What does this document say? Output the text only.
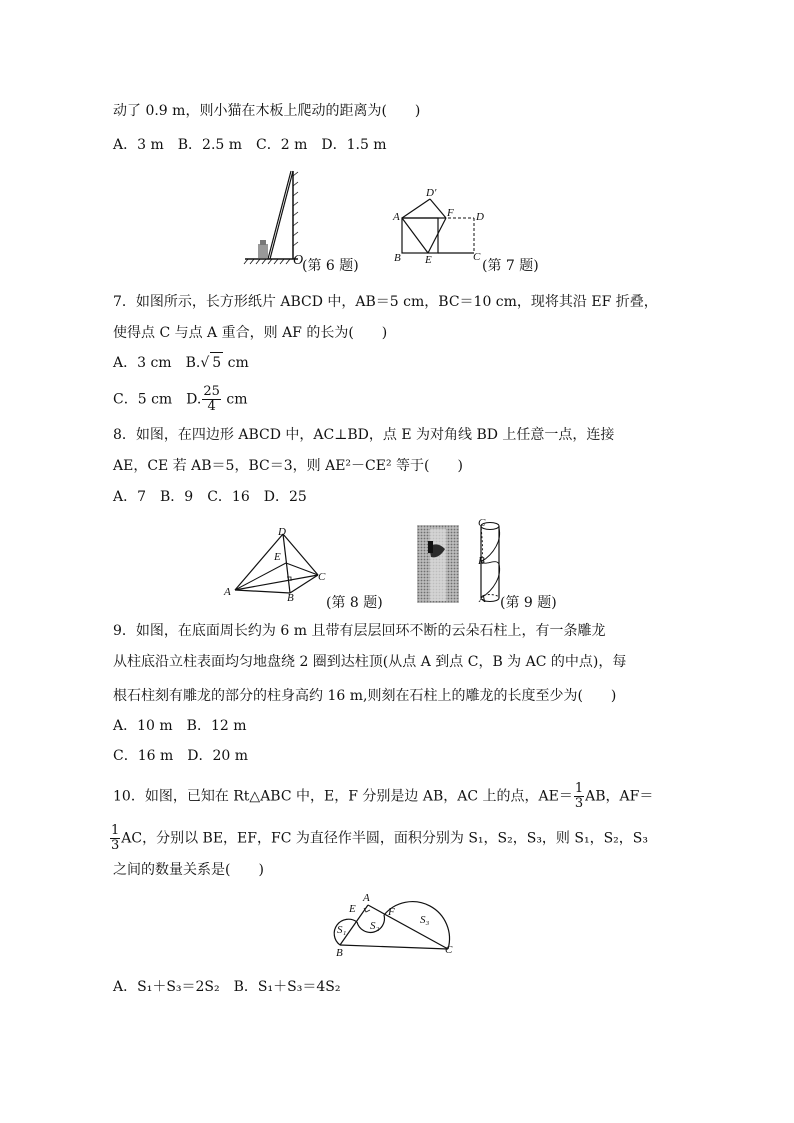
动了 0.9 m，则小猫在木板上爬动的距离为(　　)
A．3 m　B．2.5 m　C．2 m　D．1.5 m
O
(第 6 题)
D′
A	F D
B E	C
(第 7 题)
7．如图所示，长方形纸片 ABCD 中，AB＝5 cm，BC＝10 cm，现将其沿 EF 折叠，
使得点 C 与点 A 重合，则 AF 的长为(　　)
A．3 cm　B.√ 5 cm
C．5 cm　D. $\frac{25}{4}$ cm
8．如图，在四边形 ABCD 中，AC⊥BD，点 E 为对角线 BD 上任意一点，连接
AE，CE 若 AB＝5，BC＝3，则 AE²－CE² 等于(　　)
A．7　B．9　C．16　D．25
D
E
A	B
C
(第 8 题)
C
B
A (第 9 题)
9．如图，在底面周长约为 6 m 且带有层层回环不断的云朵石柱上，有一条雕龙
从柱底沿立柱表面均匀地盘绕 2 圈到达柱顶(从点 A 到点 C，B 为 AC 的中点)，每
根石柱刻有雕龙的部分的柱身高约 16 m,则刻在石柱上的雕龙的长度至少为(　　)
A．10 m　B．12 m
C．16 m　D．20 m
10．如图，已知在 Rt△ABC 中，E，F 分别是边 AB，AC 上的点，$AE= \frac{1}{3}$ AB，AF＝
$\frac{1}{3}$ AC，分别以 BE，EF，FC 为直径作半圆，面积分别为 S₁，S₂，S₃，则 S₁，S₂，S₃
之间的数量关系是(　　)
A
E	F
B	C
S₁ S₂	S₃
A．S₁＋S₃＝2S₂　B．S₁＋S₃＝4S₂
